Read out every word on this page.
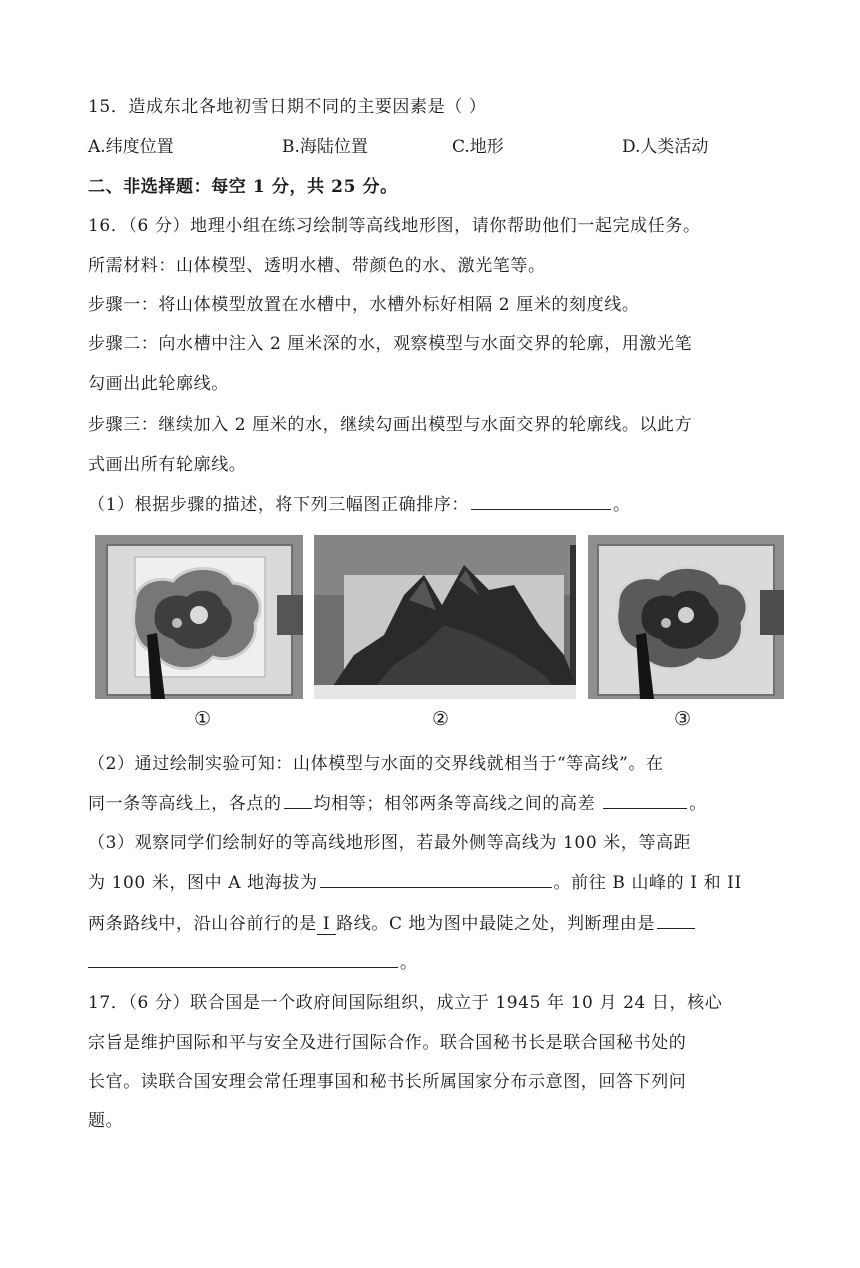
15．造成东北各地初雪日期不同的主要因素是（ ）
A.纬度位置	B.海陆位置	C.地形	D.人类活动
二、非选择题：每空 1 分，共 25 分。
16．（6 分）地理小组在练习绘制等高线地形图，请你帮助他们一起完成任务。
所需材料：山体模型、透明水槽、带颜色的水、激光笔等。
步骤一：将山体模型放置在水槽中，水槽外标好相隔 2 厘米的刻度线。
步骤二：向水槽中注入 2 厘米深的水，观察模型与水面交界的轮廓，用激光笔
勾画出此轮廓线。
步骤三：继续加入 2 厘米的水，继续勾画出模型与水面交界的轮廓线。以此方
式画出所有轮廓线。
（1）根据步骤的描述，将下列三幅图正确排序：	。
①	②	③
（2）通过绘制实验可知：山体模型与水面的交界线就相当于“等高线”。在
同一条等高线上，各点的 均相等；相邻两条等高线之间的高差	。
（3）观察同学们绘制好的等高线地形图，若最外侧等高线为 100 米，等高距
为 100 米，图中 A 地海拔为	。前往 B 山峰的 I 和 II
两条路线中，沿山谷前行的是 I 路线。C 地为图中最陡之处，判断理由是
。
17．（6 分）联合国是一个政府间国际组织，成立于 1945 年 10 月 24 日，核心
宗旨是维护国际和平与安全及进行国际合作。联合国秘书长是联合国秘书处的
长官。读联合国安理会常任理事国和秘书长所属国家分布示意图，回答下列问
题。
